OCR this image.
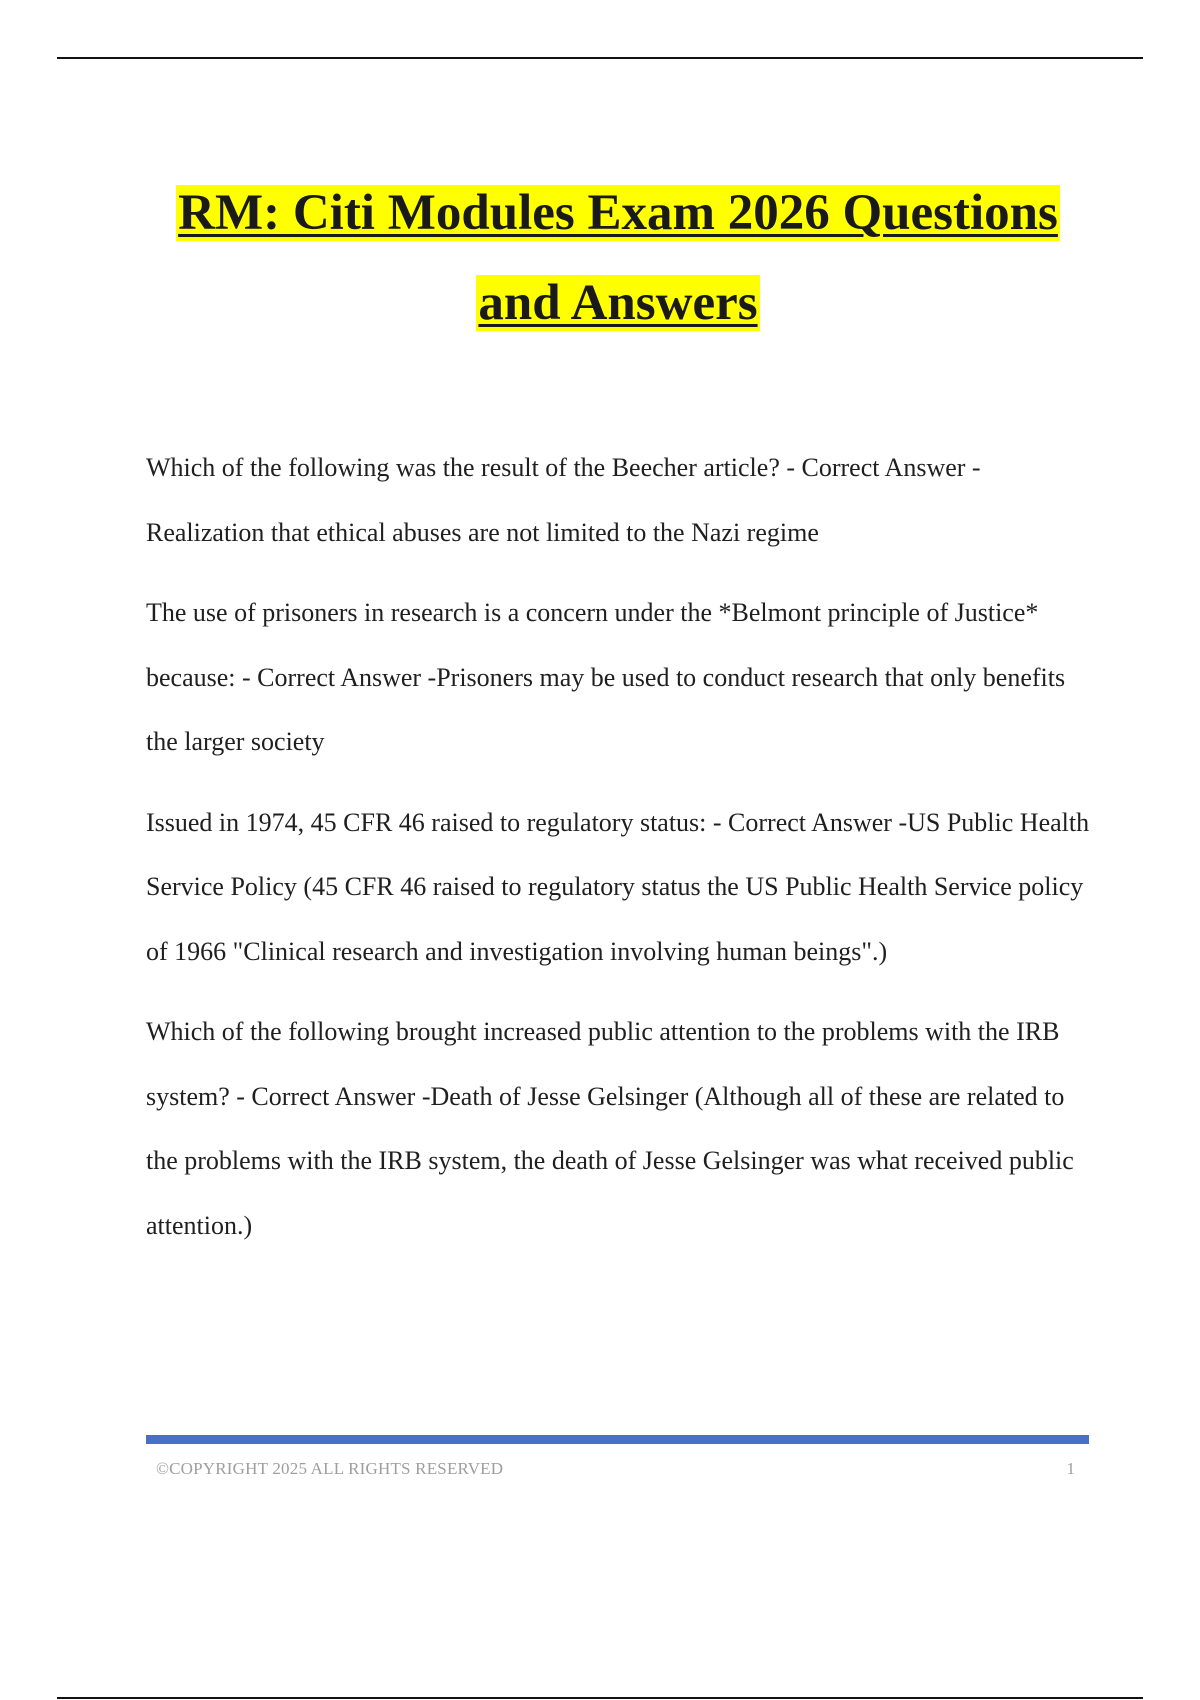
RM: Citi Modules Exam 2026 Questions
and Answers

Which of the following was the result of the Beecher article? - Correct Answer -Realization that ethical abuses are not limited to the Nazi regime

The use of prisoners in research is a concern under the *Belmont principle of Justice* because: - Correct Answer -Prisoners may be used to conduct research that only benefits the larger society

Issued in 1974, 45 CFR 46 raised to regulatory status: - Correct Answer -US Public Health Service Policy (45 CFR 46 raised to regulatory status the US Public Health Service policy of 1966 "Clinical research and investigation involving human beings".)

Which of the following brought increased public attention to the problems with the IRB system? - Correct Answer -Death of Jesse Gelsinger (Although all of these are related to the problems with the IRB system, the death of Jesse Gelsinger was what received public attention.)

©COPYRIGHT 2025 ALL RIGHTS RESERVED	1
